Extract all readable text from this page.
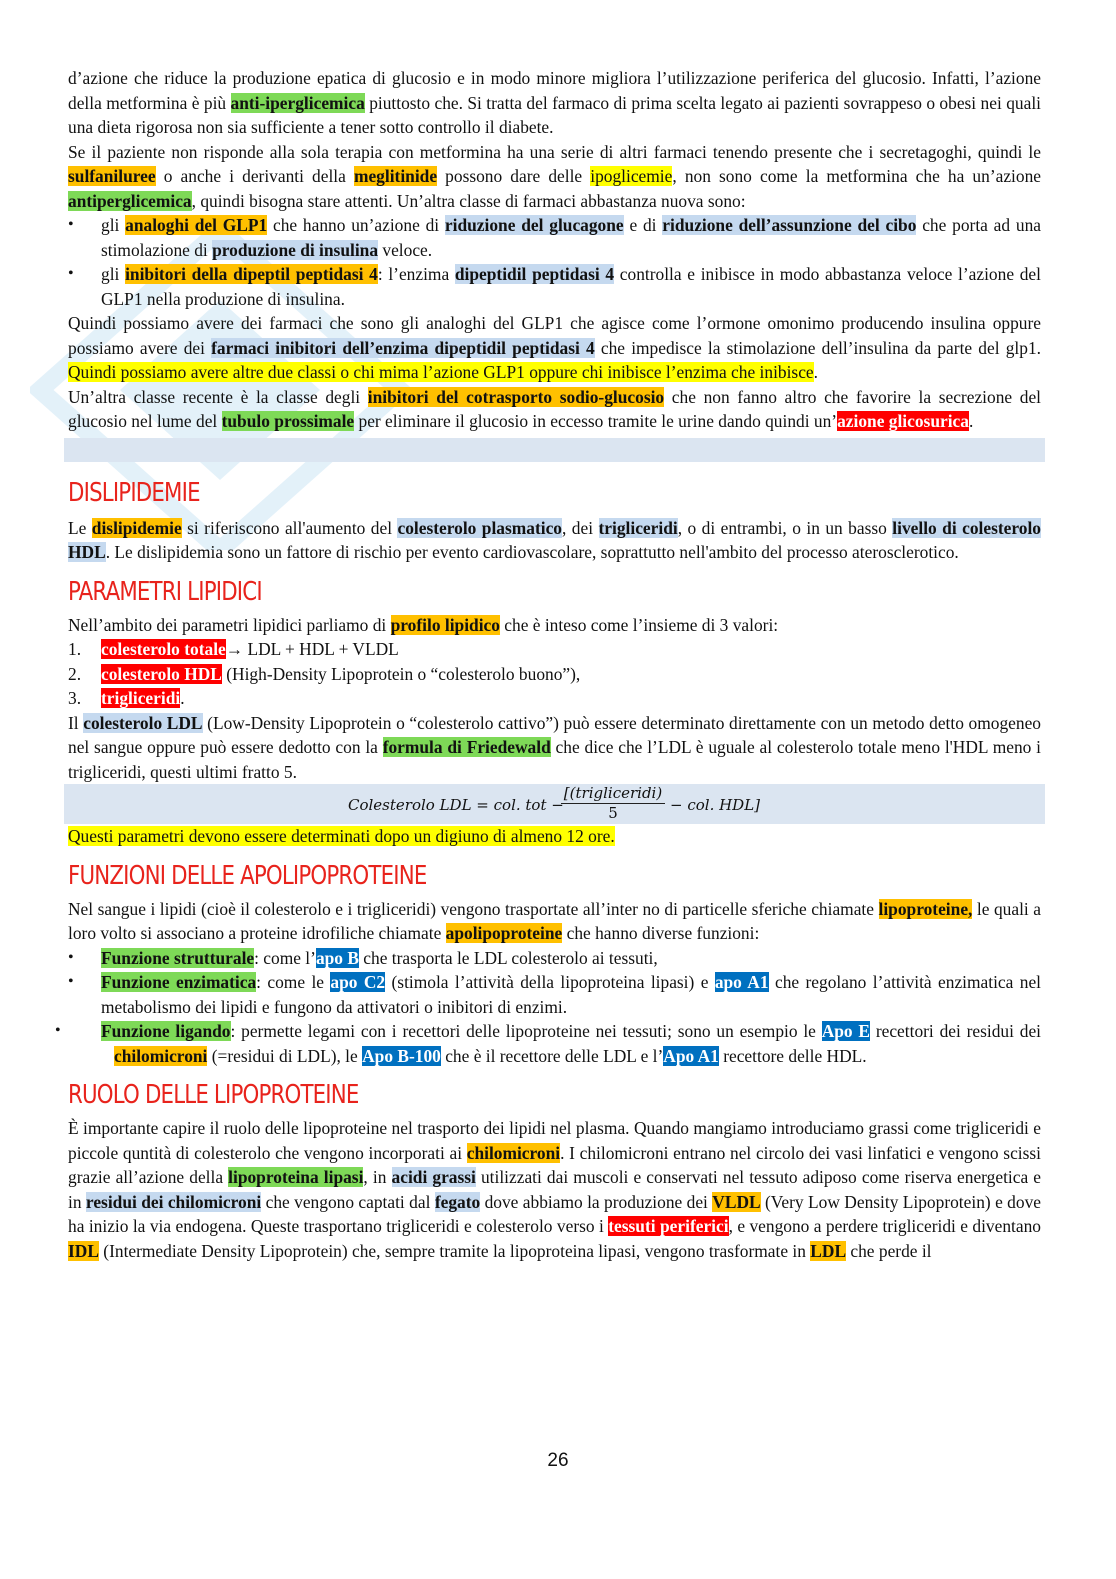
d’azione che riduce la produzione epatica di glucosio e in modo minore migliora l’utilizzazione periferica del glucosio. Infatti, l’azione della metformina è più anti-iperglicemica piuttosto che. Si tratta del farmaco di prima scelta legato ai pazienti sovrappeso o obesi nei quali una dieta rigorosa non sia sufficiente a tener sotto controllo il diabete.

Se il paziente non risponde alla sola terapia con metformina ha una serie di altri farmaci tenendo presente che i secretagoghi, quindi le sulfaniluree o anche i derivanti della meglitinide possono dare delle ipoglicemie, non sono come la metformina che ha un’azione antiperglicemica, quindi bisogna stare attenti. Un’altra classe di farmaci abbastanza nuova sono:

• gli analoghi del GLP1 che hanno un’azione di riduzione del glucagone e di riduzione dell’assunzione del cibo che porta ad una stimolazione di produzione di insulina veloce.
• gli inibitori della dipeptil peptidasi 4: l’enzima dipeptidil peptidasi 4 controlla e inibisce in modo abbastanza veloce l’azione del GLP1 nella produzione di insulina.

Quindi possiamo avere dei farmaci che sono gli analoghi del GLP1 che agisce come l’ormone omonimo producendo insulina oppure possiamo avere dei farmaci inibitori dell’enzima dipeptidil peptidasi 4 che impedisce la stimolazione dell’insulina da parte del glp1. Quindi possiamo avere altre due classi o chi mima l’azione GLP1 oppure chi inibisce l’enzima che inibisce.

Un’altra classe recente è la classe degli inibitori del cotrasporto sodio-glucosio che non fanno altro che favorire la secrezione del glucosio nel lume del tubulo prossimale per eliminare il glucosio in eccesso tramite le urine dando quindi un’azione glicosurica.

DISLIPIDEMIE

Le dislipidemie si riferiscono all'aumento del colesterolo plasmatico, dei trigliceridi, o di entrambi, o in un basso livello di colesterolo HDL. Le dislipidemia sono un fattore di rischio per evento cardiovascolare, soprattutto nell'ambito del processo aterosclerotico.

PARAMETRI LIPIDICI

Nell’ambito dei parametri lipidici parliamo di profilo lipidico che è inteso come l’insieme di 3 valori:

1. colesterolo totale→ LDL + HDL + VLDL
2. colesterolo HDL (High-Density Lipoprotein o “colesterolo buono”),
3. trigliceridi.

Il colesterolo LDL (Low-Density Lipoprotein o “colesterolo cattivo”) può essere determinato direttamente con un metodo detto omogeneo nel sangue oppure può essere dedotto con la formula di Friedewald che dice che l’LDL è uguale al colesterolo totale meno l'HDL meno i trigliceridi, questi ultimi fratto 5.

Colesterolo LDL = col. tot −
[(trigliceridi)
5	− col. HDL]

Questi parametri devono essere determinati dopo un digiuno di almeno 12 ore.

FUNZIONI DELLE APOLIPOPROTEINE

Nel sangue i lipidi (cioè il colesterolo e i trigliceridi) vengono trasportate all’inter no di particelle sferiche chiamate lipoproteine, le quali a loro volto si associano a proteine idrofiliche chiamate apolipoproteine che hanno diverse funzioni:

• Funzione strutturale: come l’apo B che trasporta le LDL colesterolo ai tessuti,
• Funzione enzimatica: come le apo C2 (stimola l’attività della lipoproteina lipasi) e apo A1 che regolano l’attività enzimatica nel metabolismo dei lipidi e fungono da attivatori o inibitori di enzimi.
• Funzione ligando: permette legami con i recettori delle lipoproteine nei tessuti; sono un esempio le Apo E recettori dei residui dei chilomicroni (=residui di LDL), le Apo B-100 che è il recettore delle LDL e l’Apo A1 recettore delle HDL.
RUOLO DELLE LIPOPROTEINE

È importante capire il ruolo delle lipoproteine nel trasporto dei lipidi nel plasma. Quando mangiamo introduciamo grassi come trigliceridi e piccole quntità di colesterolo che vengono incorporati ai chilomicroni. I chilomicroni entrano nel circolo dei vasi linfatici e vengono scissi grazie all’azione della lipoproteina lipasi, in acidi grassi utilizzati dai muscoli e conservati nel tessuto adiposo come riserva energetica e in residui dei chilomicroni che vengono captati dal fegato dove abbiamo la produzione dei VLDL (Very Low Density Lipoprotein) e dove ha inizio la via endogena. Queste trasportano trigliceridi e colesterolo verso i tessuti periferici, e vengono a perdere trigliceridi e diventano IDL (Intermediate Density Lipoprotein) che, sempre tramite la lipoproteina lipasi, vengono trasformate in LDL che perde il

26
